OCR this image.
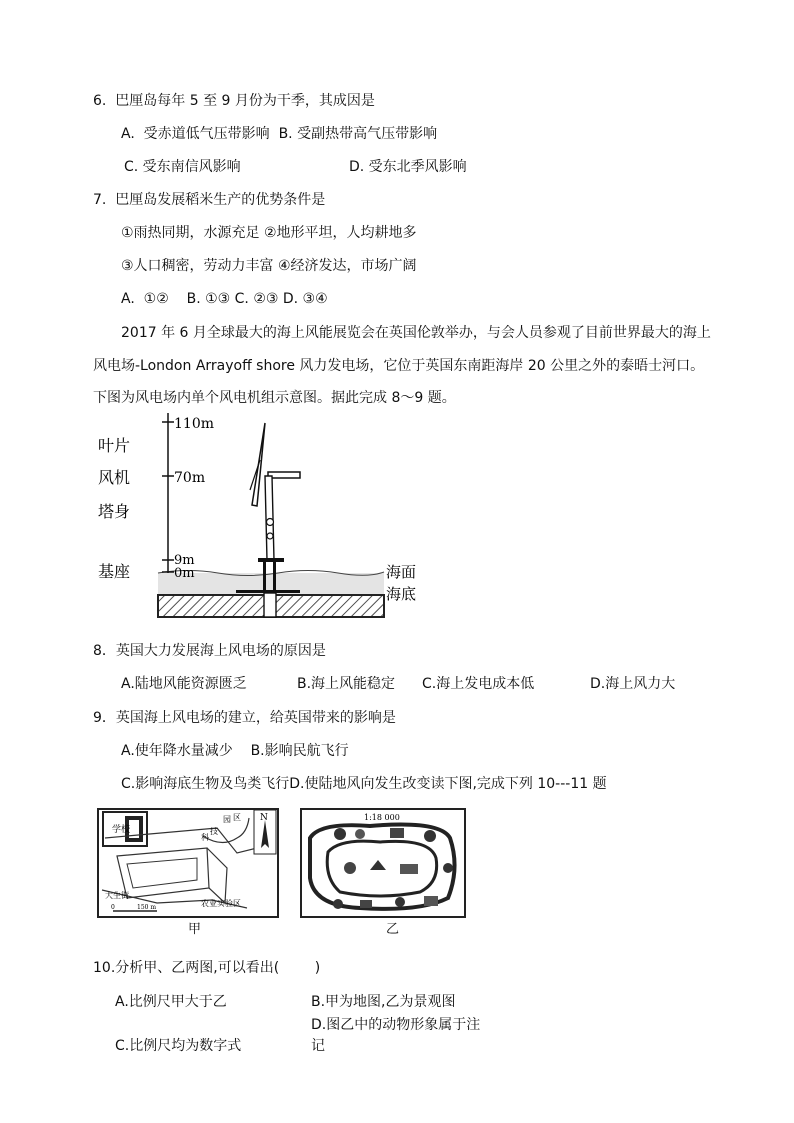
6.  巴厘岛每年 5 至 9 月份为干季，其成因是
A.  受赤道低气压带影响  B. 受副热带高气压带影响
C. 受东南信风影响	D. 受东北季风影响
7.  巴厘岛发展稻米生产的优势条件是
①雨热同期，水源充足 ②地形平坦，人均耕地多
③人口稠密，劳动力丰富 ④经济发达，市场广阔
A.  ①②    B. ①③ C. ②③ D. ③④
2017 年 6 月全球最大的海上风能展览会在英国伦敦举办，与会人员参观了目前世界最大的海上
风电场-London Arrayoff shore 风力发电场，它位于英国东南距海岸 20 公里之外的泰晤士河口。
下图为风电场内单个风电机组示意图。据此完成 8～9 题。
110m
70m
9m
0m
叶片
风机
塔身
基座	海面
海底
8．英国大力发展海上风电场的原因是
A.陆地风能资源匮乏	B.海上风能稳定 C.海上发电成本低	D.海上风力大
9．英国海上风电场的建立，给英国带来的影响是
A.使年降水量减少    B.影响民航飞行
C.影响海底生物及鸟类飞行D.使陆地风向发生改变读下图,完成下列 10---11 题
学校
科
技
园 区 N
大生街
农业实验区
0	150 m
甲
1:18 000
乙
10.分析甲、乙两图,可以看出(        )
A.比例尺甲大于乙	B.甲为地图,乙为景观图
D.图乙中的动物形象属于注
C.比例尺均为数字式	记
